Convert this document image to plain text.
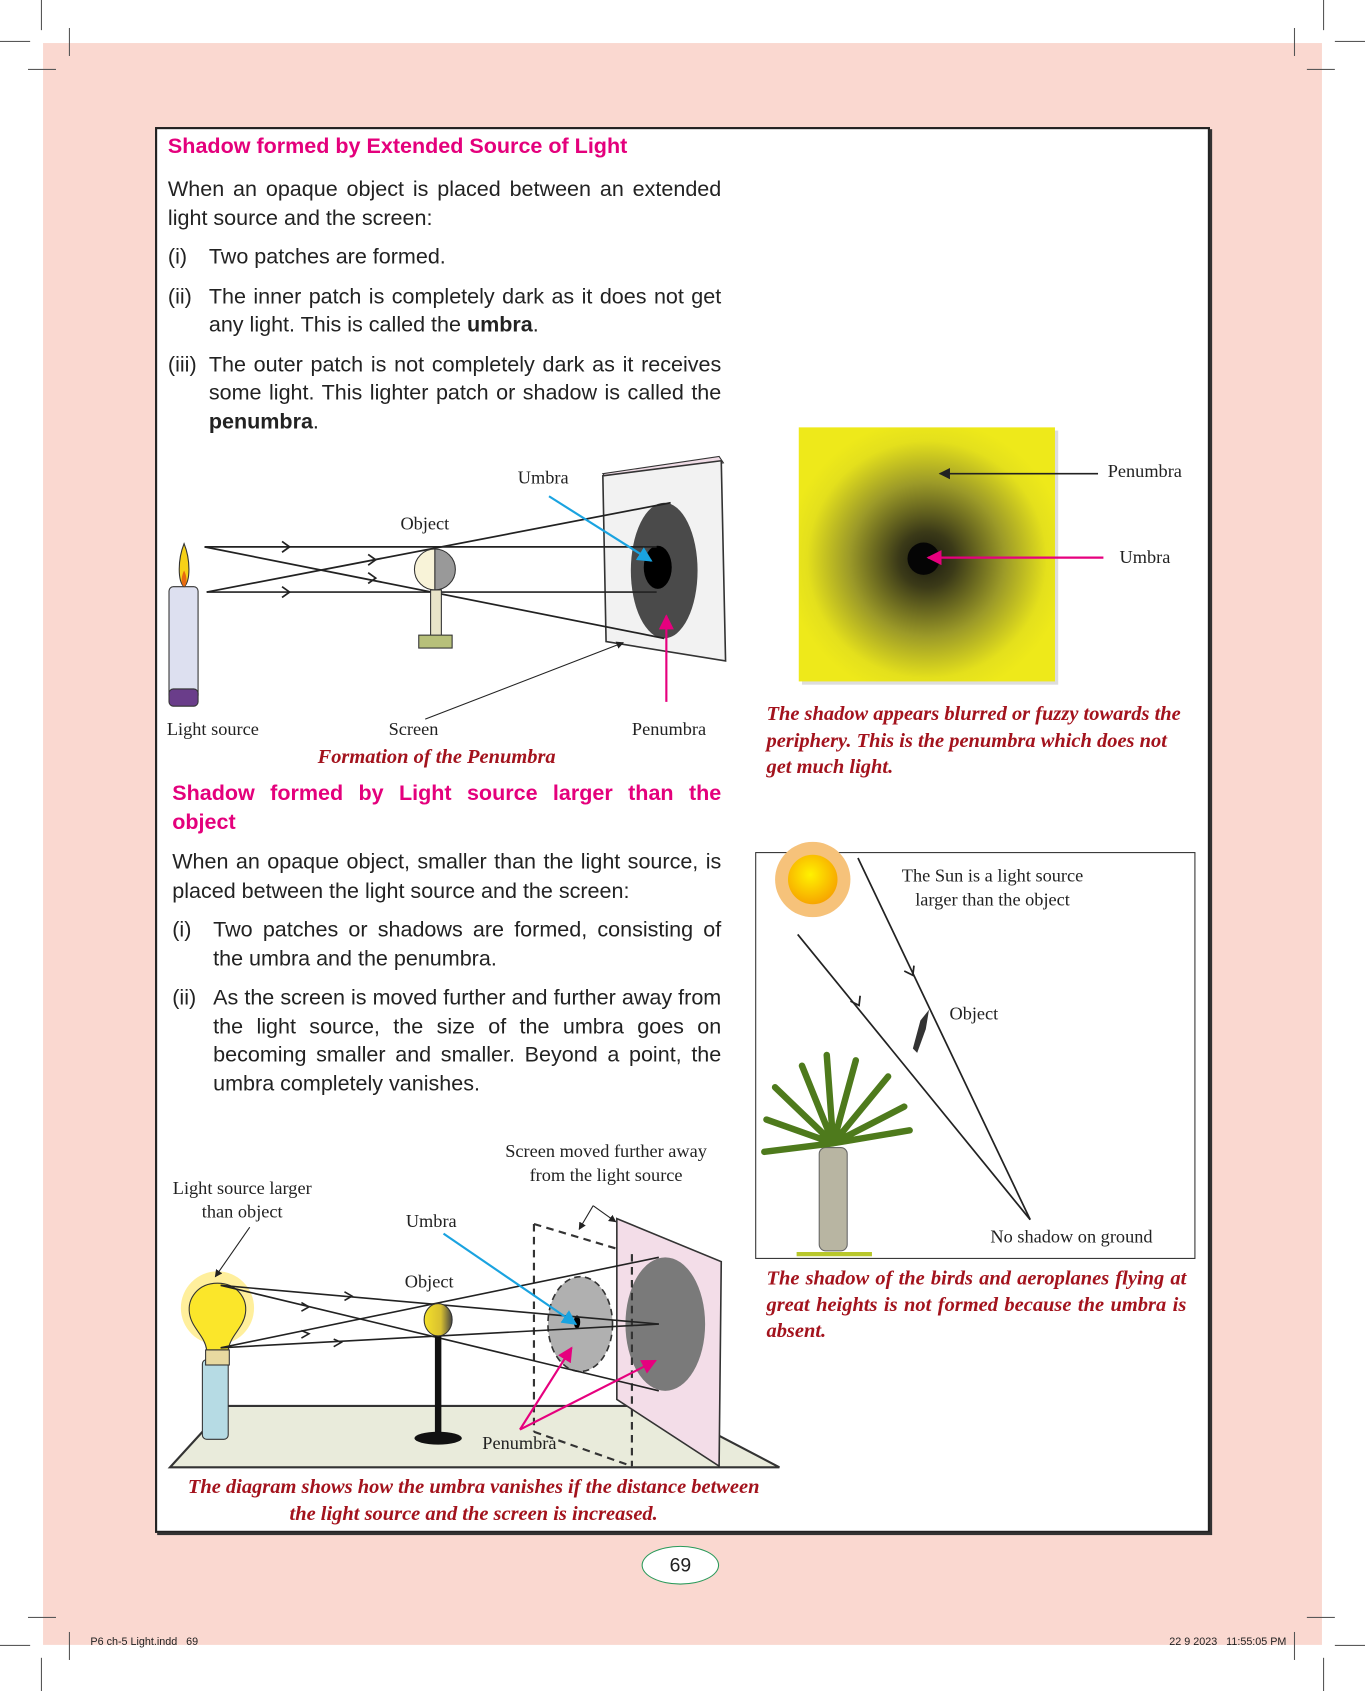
Shadow formed by Extended Source of Light
When an opaque object is placed between an extended light source and the screen:
(i)	Two patches are formed.
(ii) The inner patch is completely dark as it does not get any light. This is called the umbra.
(iii) The outer patch is not completely dark as it receives some light. This lighter patch or shadow is called the penumbra.
Umbra
Object
Light source	Screen	Penumbra
Formation of the Penumbra
Penumbra
Umbra
The shadow appears blurred or fuzzy towards the periphery. This is the penumbra which does not get much light.
Shadow formed by Light source larger than the object
When an opaque object, smaller than the light source, is placed between the light source and the screen:
(i)	Two patches or shadows are formed, consisting of the umbra and the penumbra.
(ii) As the screen is moved further and further away from the light source, the size of the umbra goes on becoming smaller and smaller. Beyond a point, the umbra completely vanishes.
Light source larger
than object
Screen moved further away
from the light source
Umbra
Object
Penumbra
The diagram shows how the umbra vanishes if the distance between
the light source and the screen is increased.
The Sun is a light source
larger than the object
Object
No shadow on ground
The shadow of the birds and aeroplanes flying at great heights is not formed because the umbra is absent.
69
P6 ch-5 Light.indd   69	22 9 2023   11:55:05 PM
